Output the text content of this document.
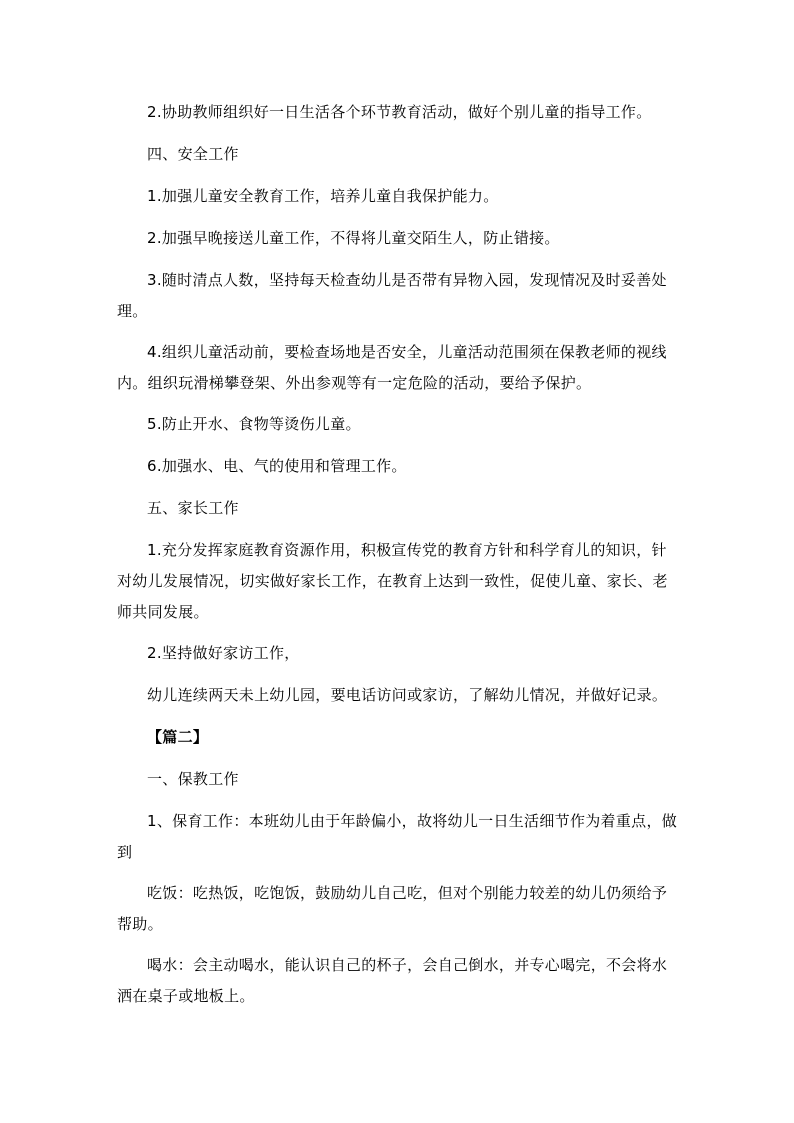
2.协助教师组织好一日生活各个环节教育活动，做好个别儿童的指导工作。

四、安全工作

1.加强儿童安全教育工作，培养儿童自我保护能力。

2.加强早晚接送儿童工作，不得将儿童交陌生人，防止错接。

3.随时清点人数，坚持每天检查幼儿是否带有异物入园，发现情况及时妥善处理。

4.组织儿童活动前，要检查场地是否安全，儿童活动范围须在保教老师的视线内。组织玩滑梯攀登架、外出参观等有一定危险的活动，要给予保护。

5.防止开水、食物等烫伤儿童。

6.加强水、电、气的使用和管理工作。

五、家长工作

1.充分发挥家庭教育资源作用，积极宣传党的教育方针和科学育儿的知识，针对幼儿发展情况，切实做好家长工作，在教育上达到一致性，促使儿童、家长、老师共同发展。

2.坚持做好家访工作，

幼儿连续两天未上幼儿园，要电话访问或家访，了解幼儿情况，并做好记录。

【篇二】

一、保教工作

1、保育工作：本班幼儿由于年龄偏小，故将幼儿一日生活细节作为着重点，做到

吃饭：吃热饭，吃饱饭，鼓励幼儿自己吃，但对个别能力较差的幼儿仍须给予帮助。

喝水：会主动喝水，能认识自己的杯子，会自己倒水，并专心喝完，不会将水洒在桌子或地板上。
